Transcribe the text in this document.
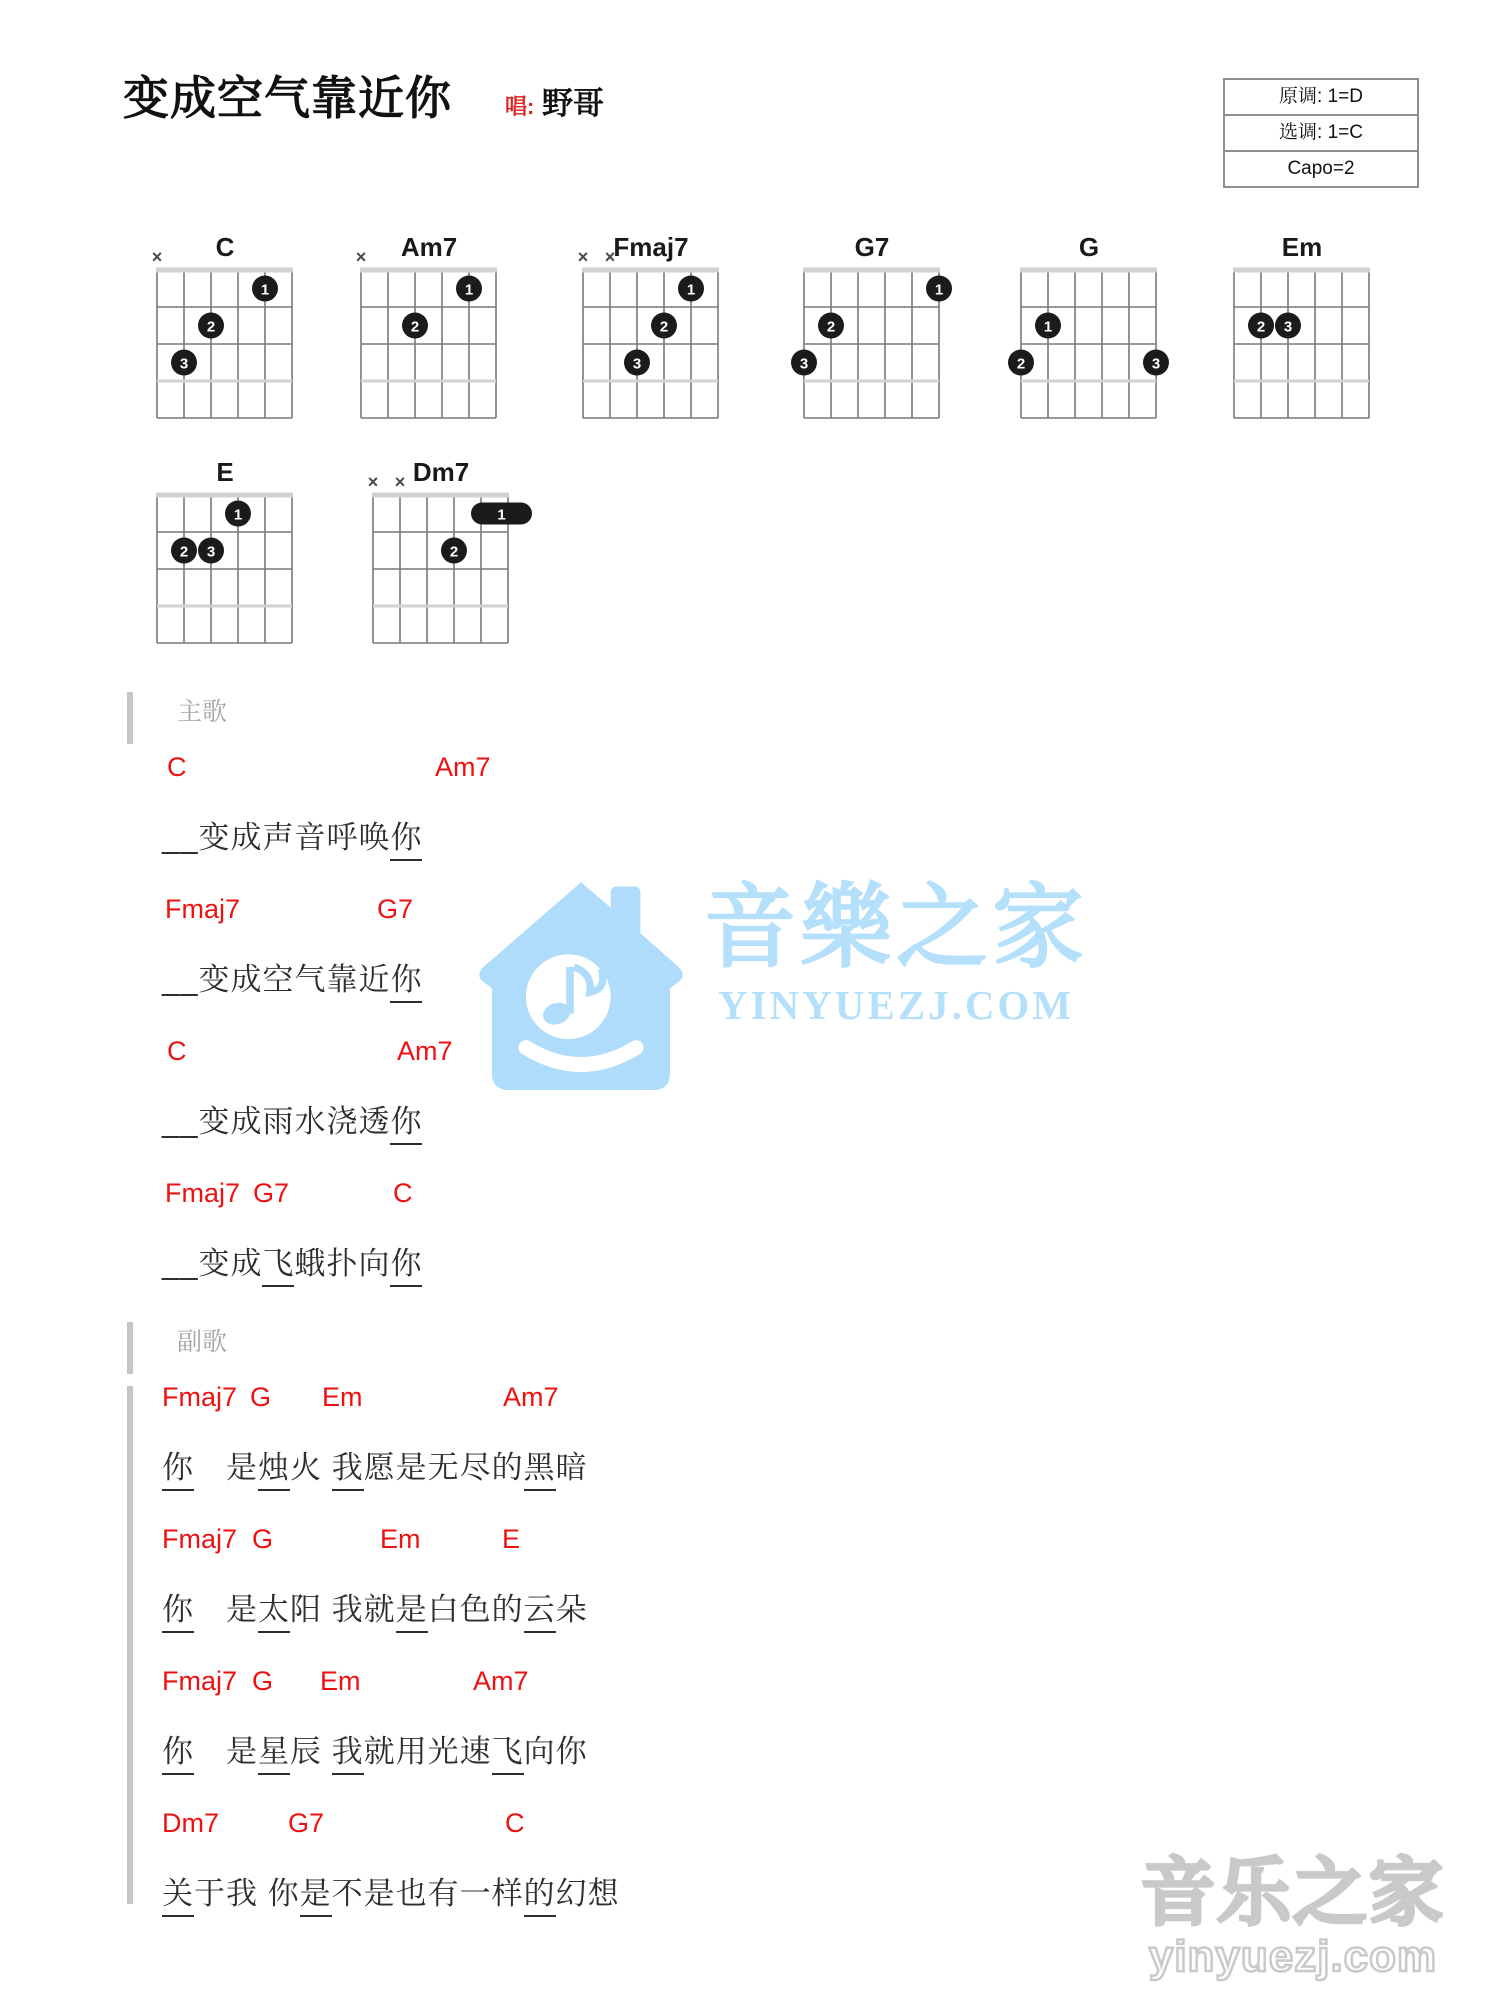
变成空气靠近你 唱: 野哥	原调: 1=D
选调: 1=C
Capo=2
C
×
1
2
3
Am7
×
1
2
Fmaj7
× ×
1
2
3
G7
1
2
3
G
1
2	3
Em
2 3
E
1
2 3
Dm7
× ×
1
2
音樂之家
YINYUEZJ.COM
主歌
C	Am7
__变成声音呼唤你
Fmaj7	G7
__变成空气靠近你
C	Am7
__变成雨水浇透你
Fmaj7 G7	C
__变成飞蛾扑向你
副歌
Fmaj7 G Em	Am7
你　是烛火 我愿是无尽的黑暗
Fmaj7 G	Em	E
你　是太阳 我就是白色的云朵
Fmaj7 G Em	Am7
你　是星辰 我就用光速飞向你
Dm7	G7	C
关于我 你是不是也有一样的幻想	音乐之家
yinyuezj.com
